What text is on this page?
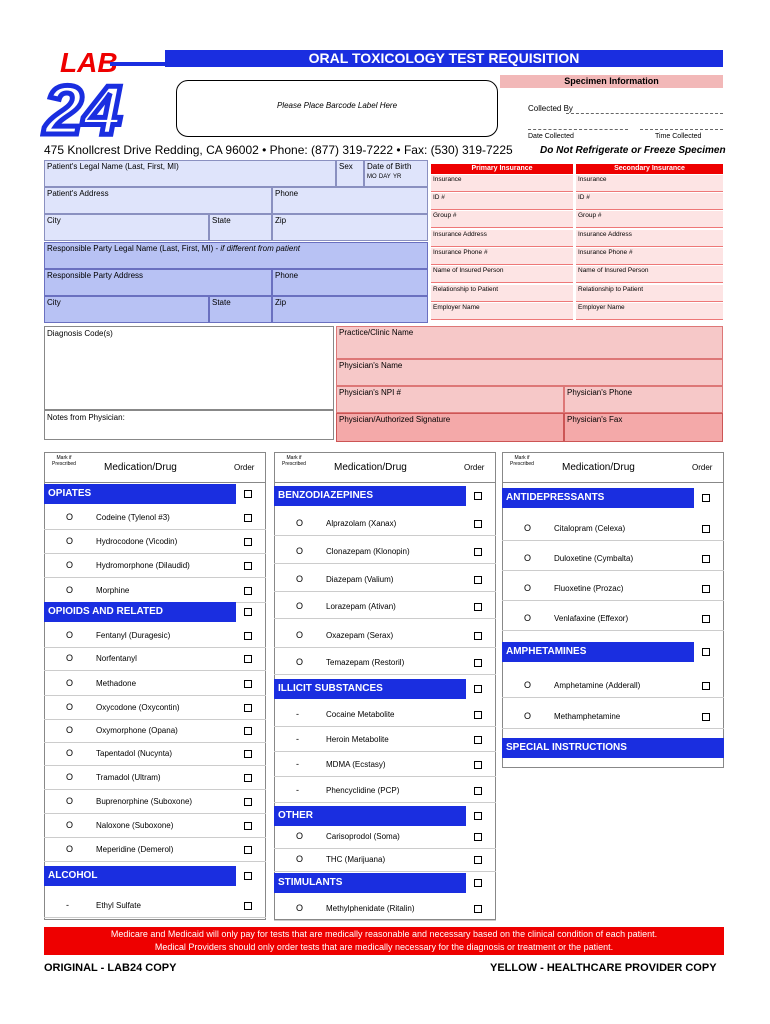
LAB
24
ORAL TOXICOLOGY TEST REQUISITION
Specimen Information
Please Place Barcode Label Here	Collected By
Date Collected	Time Collected
Do Not Refrigerate or Freeze Specimen
475 Knollcrest Drive Redding, CA 96002 • Phone: (877) 319-7222 • Fax: (530) 319-7225
Patient's Legal Name (Last, First, MI)	Sex	Date of Birth
MO DAY YR
Patient's Address	Phone
City	State	Zip
Responsible Party Legal Name (Last, First, MI) - if different from patient
Responsible Party Address	Phone
City	State	Zip
Primary Insurance	Secondary Insurance
Insurance	Insurance
ID #	ID #
Group #	Group #
Insurance Address	Insurance Address
Insurance Phone #	Insurance Phone #
Name of Insured Person	Name of Insured Person
Relationship to Patient	Relationship to Patient
Employer Name	Employer Name
Diagnosis Code(s)
Notes from Physician:
Practice/Clinic Name
Physician's Name
Physician's NPI #	Physician's Phone
Physician/Authorized Signature	Physician's Fax
Mark if Prescribed	Medication/Drug	Order
OPIATES
O	Codeine (Tylenol #3)
O	Hydrocodone (Vicodin)
O	Hydromorphone (Dilaudid)
O	Morphine
OPIOIDS AND RELATED
O	Fentanyl (Duragesic)
O	Norfentanyl
O	Methadone
O	Oxycodone (Oxycontin)
O	Oxymorphone (Opana)
O	Tapentadol (Nucynta)
O	Tramadol (Ultram)
O	Buprenorphine (Suboxone)
O	Naloxone (Suboxone)
O	Meperidine (Demerol)
ALCOHOL
-	Ethyl Sulfate
Mark if Prescribed	Medication/Drug	Order
BENZODIAZEPINES
O	Alprazolam (Xanax)
O	Clonazepam (Klonopin)
O	Diazepam (Valium)
O	Lorazepam (Ativan)
O	Oxazepam (Serax)
O	Temazepam (Restoril)
ILLICIT SUBSTANCES
-	Cocaine Metabolite
-	Heroin Metabolite
-	MDMA (Ecstasy)
-	Phencyclidine (PCP)
OTHER
O	Carisoprodol (Soma)
O	THC (Marijuana)
STIMULANTS
O	Methylphenidate (Ritalin)
Mark if Prescribed	Medication/Drug	Order
ANTIDEPRESSANTS
O	Citalopram (Celexa)
O	Duloxetine (Cymbalta)
O	Fluoxetine (Prozac)
O	Venlafaxine (Effexor)
AMPHETAMINES
O	Amphetamine (Adderall)
O	Methamphetamine
SPECIAL INSTRUCTIONS
Medicare and Medicaid will only pay for tests that are medically reasonable and necessary based on the clinical condition of each patient.
Medical Providers should only order tests that are medically necessary for the diagnosis or treatment or the patient.
ORIGINAL - LAB24 COPY	YELLOW - HEALTHCARE PROVIDER COPY
